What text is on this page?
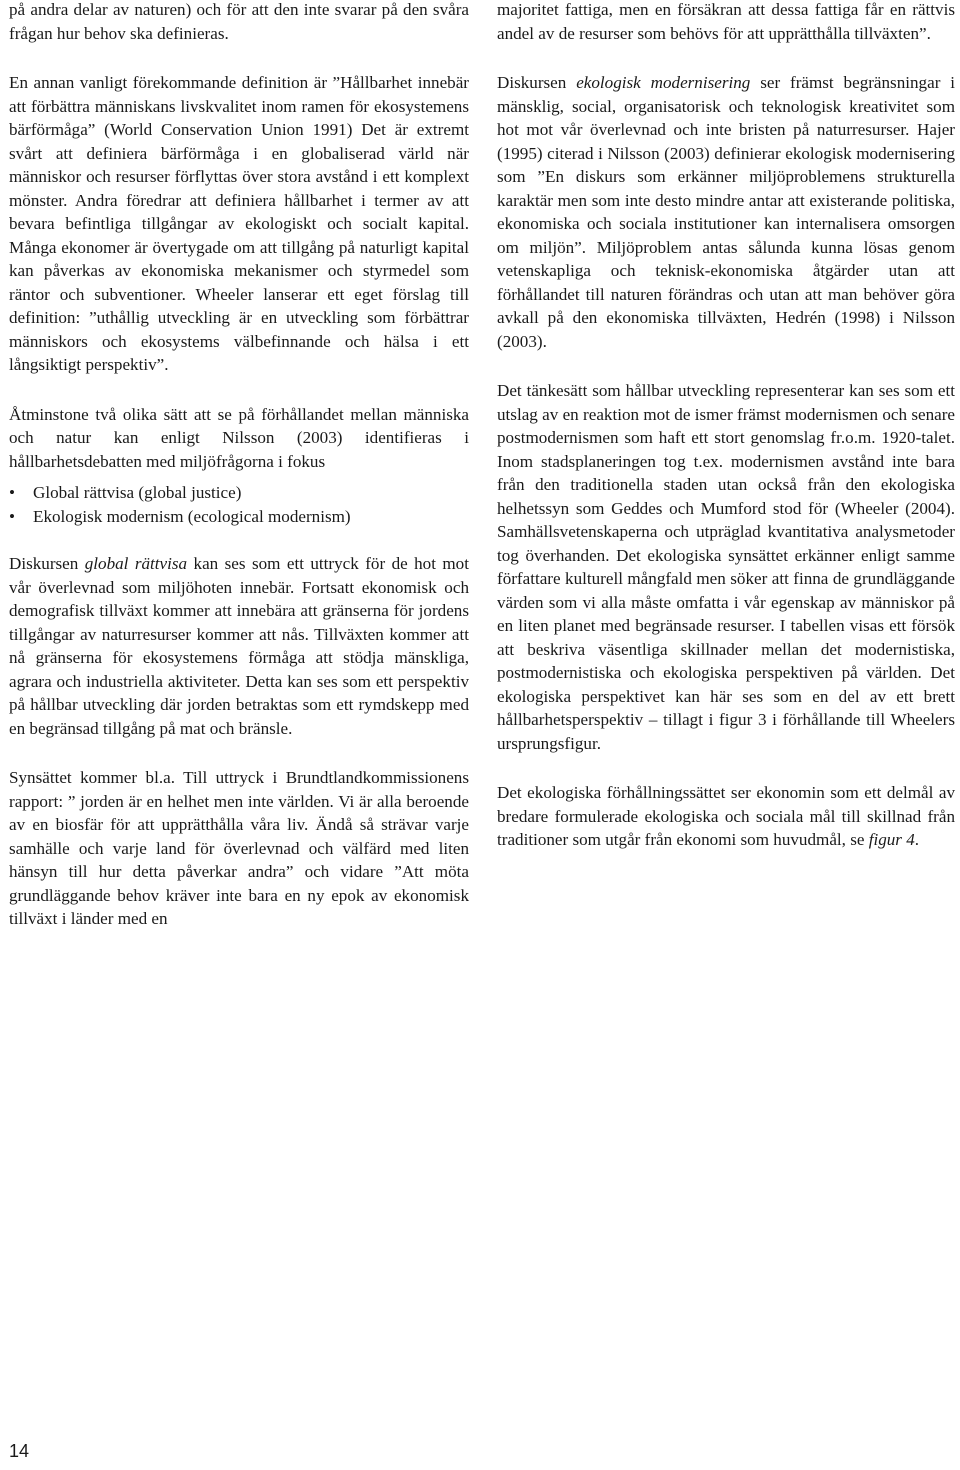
på andra delar av naturen) och för att den inte svarar på den svåra frågan hur behov ska definieras.

En annan vanligt förekommande definition är ”Hållbarhet innebär att förbättra människans livskvalitet inom ramen för ekosystemens bärförmåga” (World Conservation Union 1991) Det är extremt svårt att definiera bärförmåga i en globaliserad värld när människor och resurser förflyttas över stora avstånd i ett komplext mönster. Andra föredrar att definiera hållbarhet i termer av att bevara befintliga tillgångar av ekologiskt och socialt kapital. Många ekonomer är övertygade om att tillgång på naturligt kapital kan påverkas av ekonomiska mekanismer och styrmedel som räntor och subventioner. Wheeler lanserar ett eget förslag till definition: ”uthållig utveckling är en utveckling som förbättrar människors och ekosystems välbefinnande och hälsa i ett långsiktigt perspektiv”.

Åtminstone två olika sätt att se på förhållandet mellan människa och natur kan enligt Nilsson (2003) identifieras i hållbarhetsdebatten med miljöfrågorna i fokus

• Global rättvisa (global justice)
• Ekologisk modernism (ecological modernism)

Diskursen global rättvisa kan ses som ett uttryck för de hot mot vår överlevnad som miljöhoten innebär. Fortsatt ekonomisk och demografisk tillväxt kommer att innebära att gränserna för jordens tillgångar av naturresurser kommer att nås. Tillväxten kommer att nå gränserna för ekosystemens förmåga att stödja mänskliga, agrara och industriella aktiviteter. Detta kan ses som ett perspektiv på hållbar utveckling där jorden betraktas som ett rymdskepp med en begränsad tillgång på mat och bränsle.

Synsättet kommer bl.a. Till uttryck i Brundtlandkommissionens rapport: ” jorden är en helhet men inte världen. Vi är alla beroende av en biosfär för att upprätthålla våra liv. Ändå så strävar varje samhälle och varje land för överlevnad och välfärd med liten hänsyn till hur detta påverkar andra” och vidare ”Att möta grundläggande behov kräver inte bara en ny epok av ekonomisk tillväxt i länder med en

majoritet fattiga, men en försäkran att dessa fattiga får en rättvis andel av de resurser som behövs för att upprätthålla tillväxten”.

Diskursen ekologisk modernisering ser främst begränsningar i mänsklig, social, organisatorisk och teknologisk kreativitet som hot mot vår överlevnad och inte bristen på naturresurser. Hajer (1995) citerad i Nilsson (2003) definierar ekologisk modernisering som ”En diskurs som erkänner miljöproblemens strukturella karaktär men som inte desto mindre antar att existerande politiska, ekonomiska och sociala institutioner kan internalisera omsorgen om miljön”. Miljöproblem antas sålunda kunna lösas genom vetenskapliga och teknisk-ekonomiska åtgärder utan att förhållandet till naturen förändras och utan att man behöver göra avkall på den ekonomiska tillväxten, Hedrén (1998) i Nilsson (2003).

Det tänkesätt som hållbar utveckling representerar kan ses som ett utslag av en reaktion mot de ismer främst modernismen och senare postmodernismen som haft ett stort genomslag fr.o.m. 1920-talet. Inom stadsplaneringen tog t.ex. modernismen avstånd inte bara från den traditionella staden utan också från den ekologiska helhetssyn som Geddes och Mumford stod för (Wheeler (2004). Samhällsvetenskaperna och utpräglad kvantitativa analysmetoder tog överhanden. Det ekologiska synsättet erkänner enligt samme författare kulturell mångfald men söker att finna de grundläggande värden som vi alla måste omfatta i vår egenskap av människor på en liten planet med begränsade resurser. I tabellen visas ett försök att beskriva väsentliga skillnader mellan det modernistiska, postmodernistiska och ekologiska perspektiven på världen. Det ekologiska perspektivet kan här ses som en del av ett brett hållbarhetsperspektiv – tillagt i figur 3 i förhållande till Wheelers ursprungsfigur.

Det ekologiska förhållningssättet ser ekonomin som ett delmål av bredare formulerade ekologiska och sociala mål till skillnad från traditioner som utgår från ekonomi som huvudmål, se figur 4.

14
